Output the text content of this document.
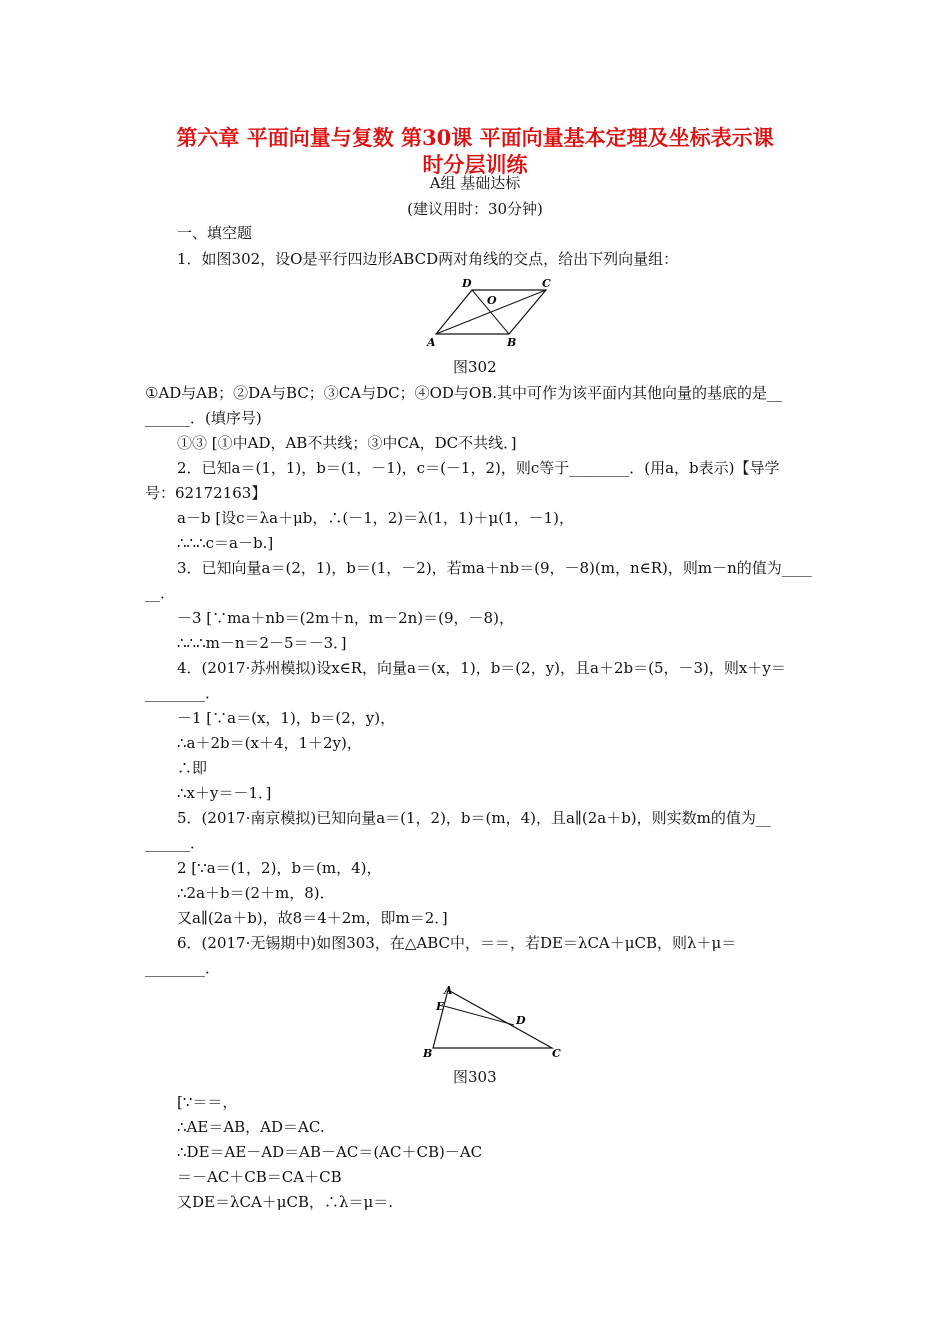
第六章 平面向量与复数 第30课 平面向量基本定理及坐标表示课
时分层训练
A组 基础达标
(建议用时：30分钟)
一、填空题
1．如图302，设O是平行四边形ABCD两对角线的交点，给出下列向量组：
A	B
C
D
O
图302
①AD与AB；②DA与BC；③CA与DC；④OD与OB.其中可作为该平面内其他向量的基底的是__
______．(填序号)
①③ [①中AD，AB不共线；③中CA，DC不共线．]
2．已知a＝(1，1)，b＝(1，－1)，c＝(－1，2)，则c等于________．(用a，b表示)【导学
号：62172163】
a－b [设c＝λa＋μb，∴(－1，2)＝λ(1，1)＋μ(1，－1)，
∴∴∴c＝a－b.]
3．已知向量a＝(2，1)，b＝(1，－2)，若ma＋nb＝(9，－8)(m，n∈R)，则m－n的值为____
__．
－3 [∵ma＋nb＝(2m＋n，m－2n)＝(9，－8)，
∴∴∴m－n＝2－5＝－3．]
4．(2017·苏州模拟)设x∈R，向量a＝(x，1)，b＝(2，y)，且a＋2b＝(5，－3)，则x＋y＝
________．
－1 [∵a＝(x，1)，b＝(2，y)，
∴a＋2b＝(x＋4，1＋2y)，
∴即
∴x＋y＝－1．]
5．(2017·南京模拟)已知向量a＝(1，2)，b＝(m，4)，且a∥(2a＋b)，则实数m的值为__
______．
2 [∵a＝(1，2)，b＝(m，4)，
∴2a＋b＝(2＋m，8)．
又a∥(2a＋b)，故8＝4＋2m，即m＝2．]
6．(2017·无锡期中)如图303，在△ABC中，＝＝，若DE＝λCA＋μCB，则λ＋μ＝
________．
A
B	C
D
E
图303
[∵＝＝，
∴AE＝AB，AD＝AC.
∴DE＝AE－AD＝AB－AC＝(AC＋CB)－AC
＝－AC＋CB＝CA＋CB
又DE＝λCA＋μCB，∴λ＝μ＝.
